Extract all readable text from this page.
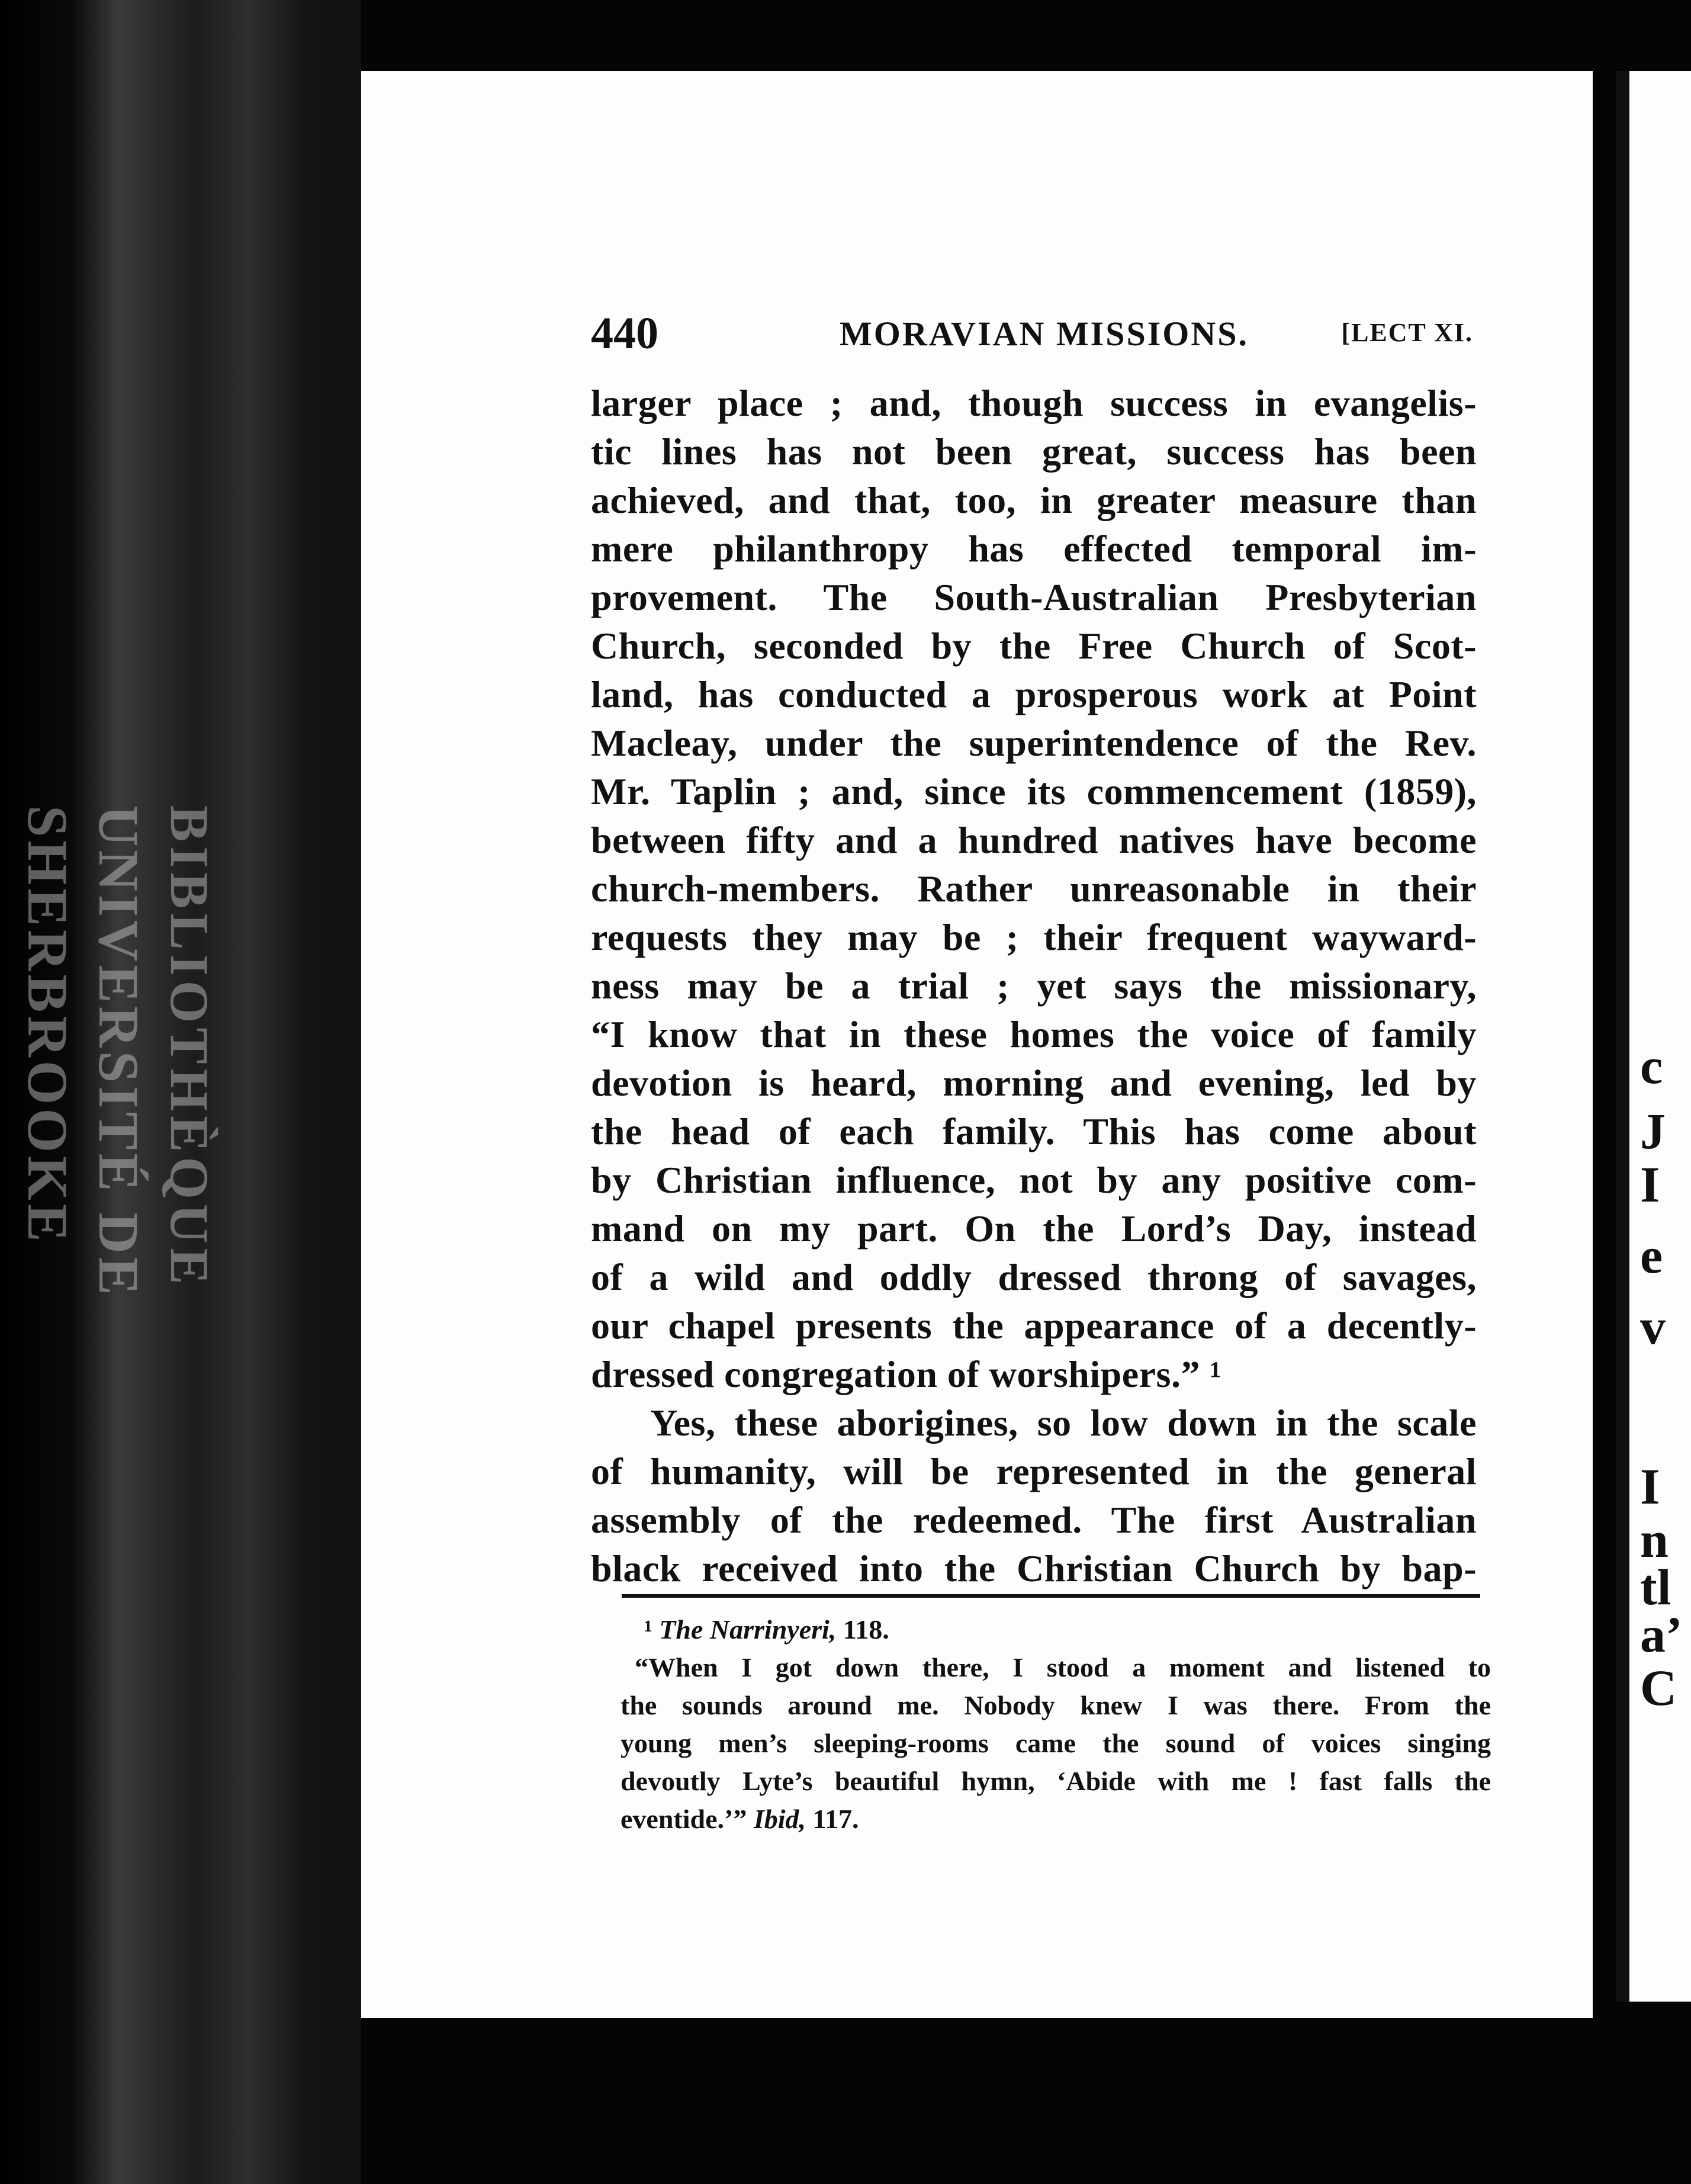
BIBLIOTHÈQUE
UNIVERSITÉ DE SHERBROOKE	c
J
I
e
v
I
n
tl
a’
C
440	MORAVIAN MISSIONS.	[LECT XI.
larger place ; and, though success in evangelis-
tic lines has not been great, success has been
achieved, and that, too, in greater measure than
mere philanthropy has effected temporal im-
provement. The South-Australian Presbyterian
Church, seconded by the Free Church of Scot-
land, has conducted a prosperous work at Point
Macleay, under the superintendence of the Rev.
Mr. Taplin ; and, since its commencement (1859),
between fifty and a hundred natives have become
church-members. Rather unreasonable in their
requests they may be ; their frequent wayward-
ness may be a trial ; yet says the missionary,
“I know that in these homes the voice of family
devotion is heard, morning and evening, led by
the head of each family. This has come about
by Christian influence, not by any positive com-
mand on my part. On the Lord’s Day, instead
of a wild and oddly dressed throng of savages,
our chapel presents the appearance of a decently-
dressed congregation of worshipers.” ¹
Yes, these aborigines, so low down in the scale
of humanity, will be represented in the general
assembly of the redeemed. The first Australian
black received into the Christian Church by bap-
¹ The Narrinyeri, 118.
“When I got down there, I stood a moment and listened to
the sounds around me. Nobody knew I was there. From the
young men’s sleeping-rooms came the sound of voices singing
devoutly Lyte’s beautiful hymn, ‘Abide with me ! fast falls the
eventide.’” Ibid, 117.
